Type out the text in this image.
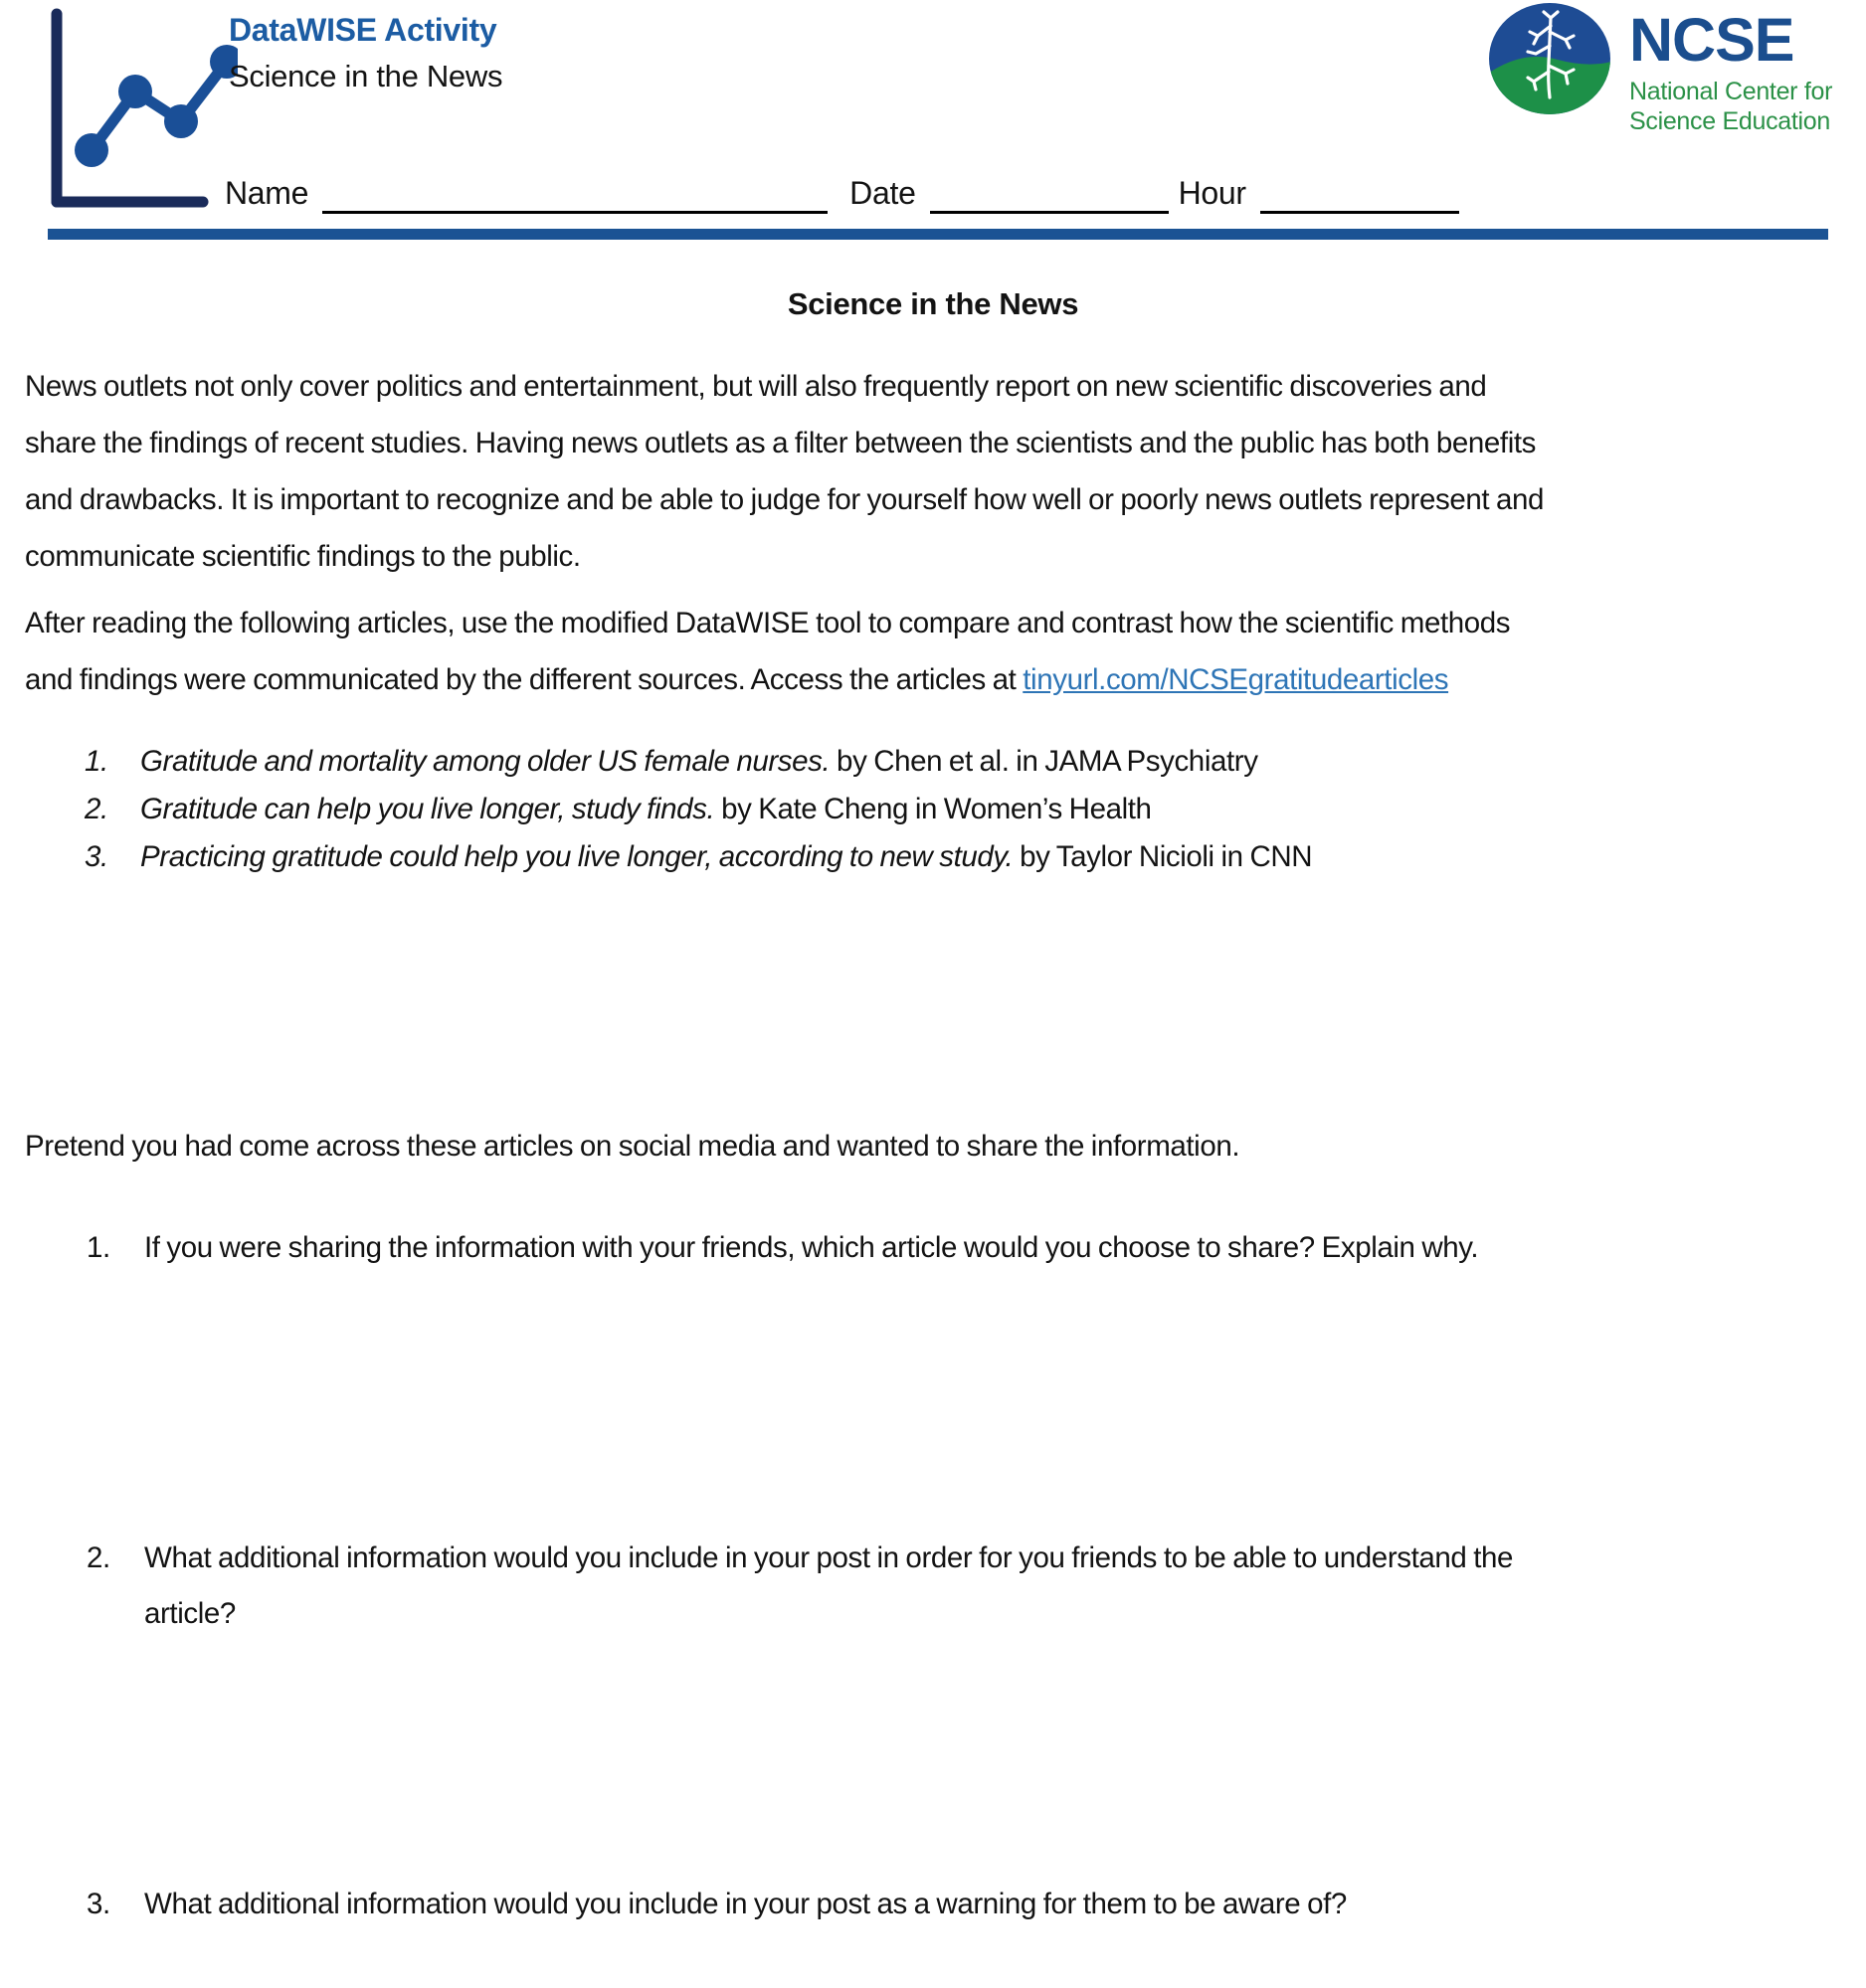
DataWISE Activity
Science in the News
NCSE
National Center for
Science Education
Name	Date	Hour
Science in the News

News outlets not only cover politics and entertainment, but will also frequently report on new scientific discoveries and share the findings of recent studies. Having news outlets as a filter between the scientists and the public has both benefits and drawbacks. It is important to recognize and be able to judge for yourself how well or poorly news outlets represent and communicate scientific findings to the public.

After reading the following articles, use the modified DataWISE tool to compare and contrast how the scientific methods and findings were communicated by the different sources. Access the articles at tinyurl.com/NCSEgratitudearticles

1.	Gratitude and mortality among older US female nurses. by Chen et al. in JAMA Psychiatry
2.	Gratitude can help you live longer, study finds. by Kate Cheng in Women’s Health
3.	Practicing gratitude could help you live longer, according to new study. by Taylor Nicioli in CNN

Pretend you had come across these articles on social media and wanted to share the information.

1.	If you were sharing the information with your friends, which article would you choose to share? Explain why.
2.	What additional information would you include in your post in order for you friends to be able to understand the article?
3.	What additional information would you include in your post as a warning for them to be aware of?
